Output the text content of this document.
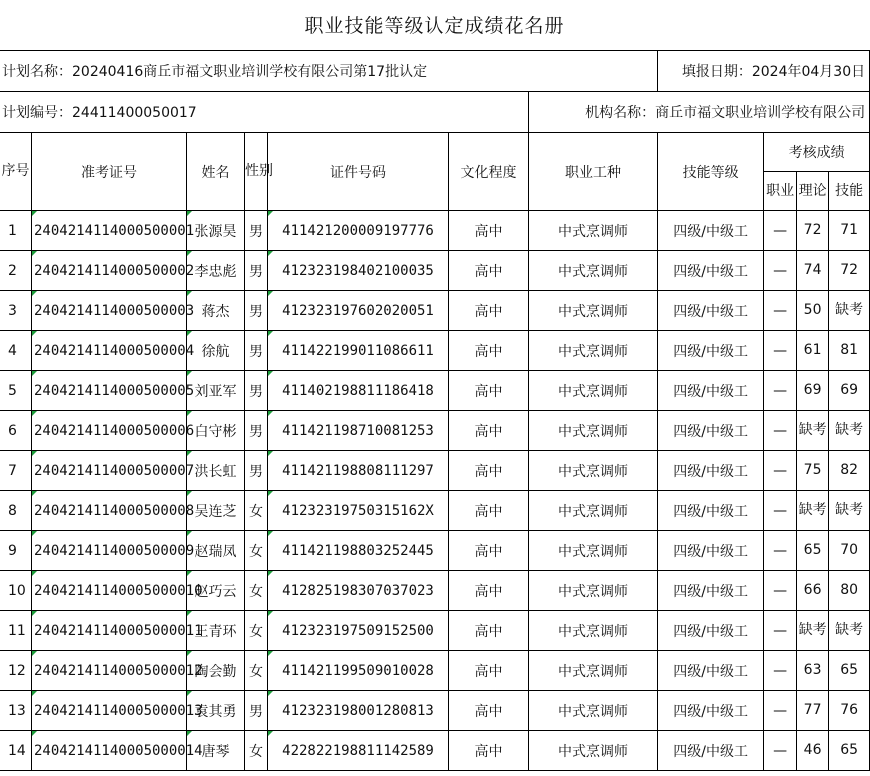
职业技能等级认定成绩花名册
计划名称：20240416商丘市福文职业培训学校有限公司第17批认定							填报日期：2024年04月30日			
计划编号：24411400050017						机构名称：商丘市福文职业培训学校有限公司				
序号	准考证号	姓名	性别	证件号码	文化程度	职业工种	技能等级	考核成绩		
								职业	理论	技能
1	2404214114000500001	张源昊	男	411421200009197776	高中	中式烹调师	四级/中级工	—	72	71
2	2404214114000500002	李忠彪	男	412323198402100035	高中	中式烹调师	四级/中级工	—	74	72
3	2404214114000500003	蒋杰	男	412323197602020051	高中	中式烹调师	四级/中级工	—	50	缺考
4	2404214114000500004	徐航	男	411422199011086611	高中	中式烹调师	四级/中级工	—	61	81
5	2404214114000500005	刘亚军	男	411402198811186418	高中	中式烹调师	四级/中级工	—	69	69
6	2404214114000500006	白守彬	男	411421198710081253	高中	中式烹调师	四级/中级工	—	缺考	缺考
7	2404214114000500007	洪长虹	男	411421198808111297	高中	中式烹调师	四级/中级工	—	75	82
8	2404214114000500008	吴连芝	女	41232319750315162X	高中	中式烹调师	四级/中级工	—	缺考	缺考
9	2404214114000500009	赵瑞凤	女	411421198803252445	高中	中式烹调师	四级/中级工	—	65	70
10	24042141140005000010	赵巧云	女	412825198307037023	高中	中式烹调师	四级/中级工	—	66	80
11	24042141140005000011	王青环	女	412323197509152500	高中	中式烹调师	四级/中级工	—	缺考	缺考
12	24042141140005000012	陶会勤	女	411421199509010028	高中	中式烹调师	四级/中级工	—	63	65
13	24042141140005000013	袁其勇	男	412323198001280813	高中	中式烹调师	四级/中级工	—	77	76
14	24042141140005000014	唐琴	女	422822198811142589	高中	中式烹调师	四级/中级工	—	46	65
